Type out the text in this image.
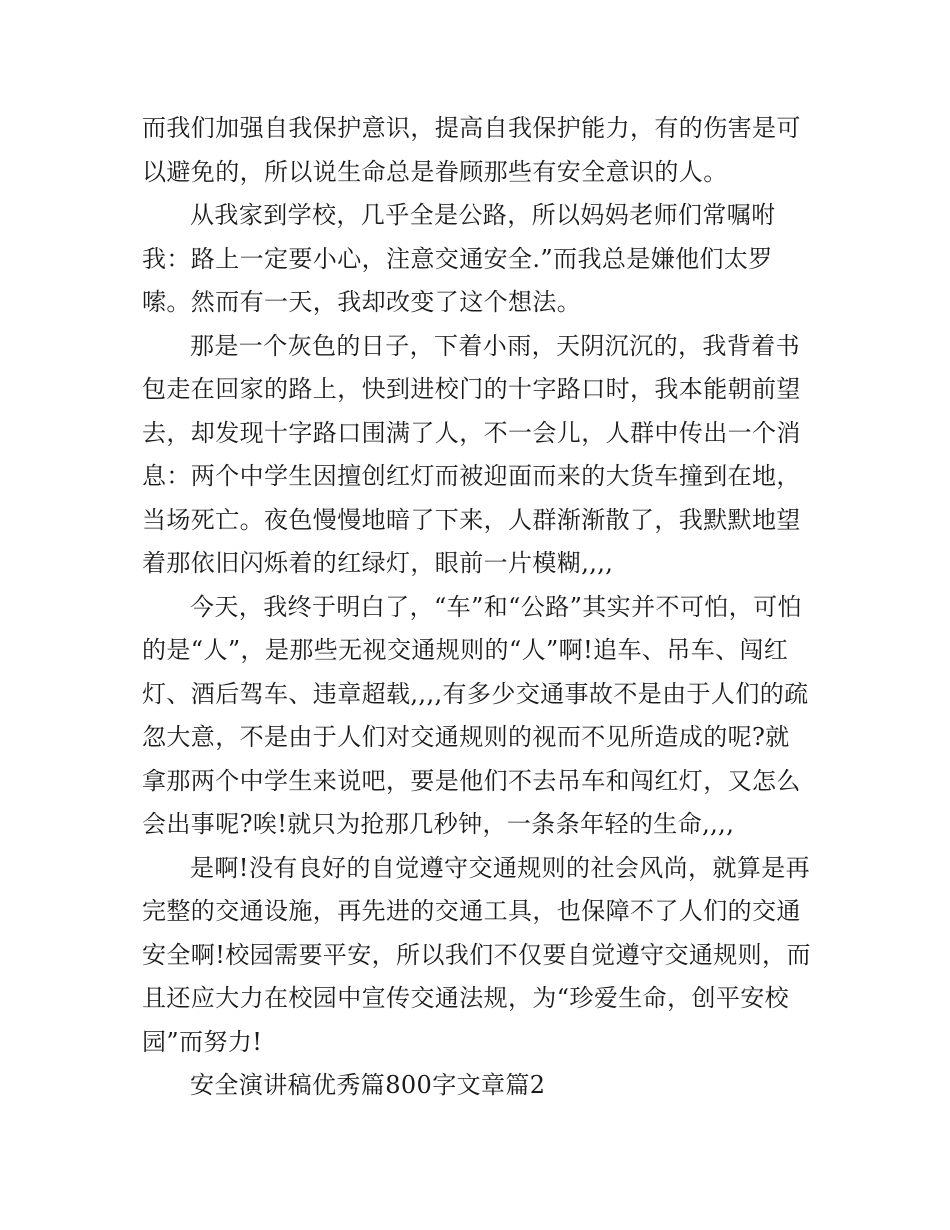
而我们加强自我保护意识，提高自我保护能力，有的伤害是可以避免的，所以说生命总是眷顾那些有安全意识的人。

从我家到学校，几乎全是公路，所以妈妈老师们常嘱咐我：路上一定要小心，注意交通安全.”而我总是嫌他们太罗嗦。然而有一天，我却改变了这个想法。

那是一个灰色的日子，下着小雨，天阴沉沉的，我背着书包走在回家的路上，快到进校门的十字路口时，我本能朝前望去，却发现十字路口围满了人，不一会儿，人群中传出一个消息：两个中学生因擅创红灯而被迎面而来的大货车撞到在地，当场死亡。夜色慢慢地暗了下来，人群渐渐散了，我默默地望着那依旧闪烁着的红绿灯，眼前一片模糊,,,,

今天，我终于明白了，“车”和“公路”其实并不可怕，可怕的是“人”，是那些无视交通规则的“人”啊!追车、吊车、闯红灯、酒后驾车、违章超载,,,,有多少交通事故不是由于人们的疏忽大意，不是由于人们对交通规则的视而不见所造成的呢?就拿那两个中学生来说吧，要是他们不去吊车和闯红灯，又怎么会出事呢?唉!就只为抢那几秒钟，一条条年轻的生命,,,,

是啊!没有良好的自觉遵守交通规则的社会风尚，就算是再完整的交通设施，再先进的交通工具，也保障不了人们的交通安全啊!校园需要平安，所以我们不仅要自觉遵守交通规则，而且还应大力在校园中宣传交通法规，为“珍爱生命，创平安校园”而努力!

安全演讲稿优秀篇800字文章篇2
